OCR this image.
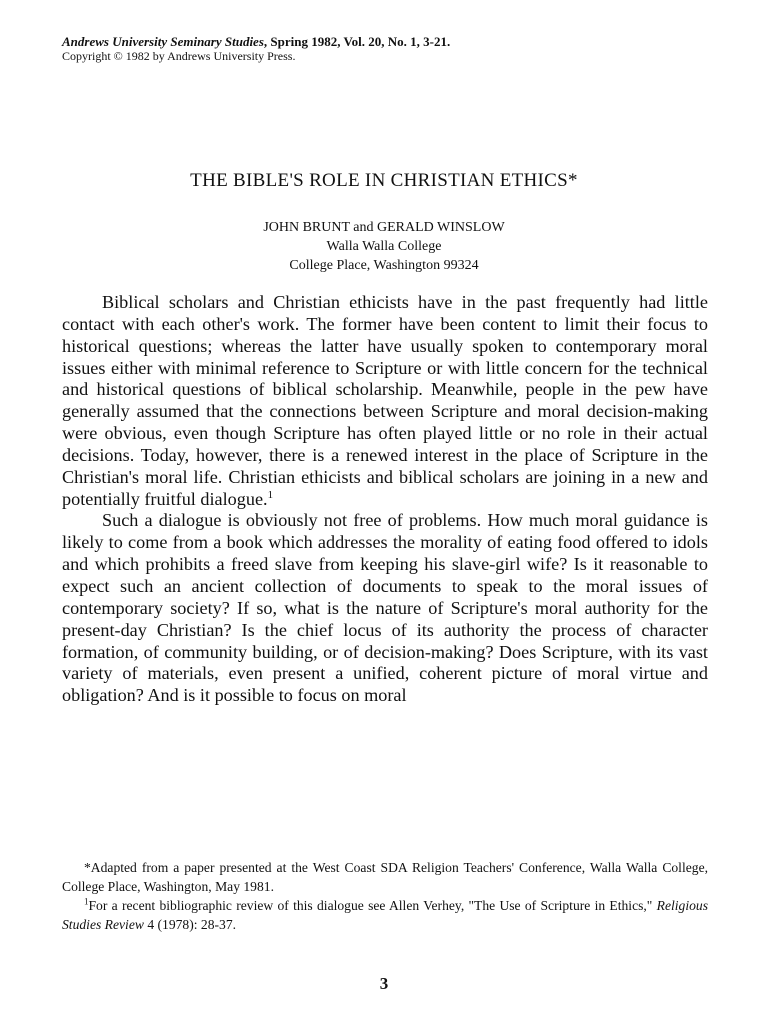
Andrews University Seminary Studies, Spring 1982, Vol. 20, No. 1, 3-21.
Copyright © 1982 by Andrews University Press.
THE BIBLE'S ROLE IN CHRISTIAN ETHICS*
JOHN BRUNT and GERALD WINSLOW
Walla Walla College
College Place, Washington 99324

Biblical scholars and Christian ethicists have in the past frequently had little contact with each other's work. The former have been content to limit their focus to historical questions; whereas the latter have usually spoken to contemporary moral issues either with minimal reference to Scripture or with little concern for the technical and historical questions of biblical scholarship. Meanwhile, people in the pew have generally assumed that the connections between Scripture and moral decision-making were obvious, even though Scripture has often played little or no role in their actual decisions. Today, however, there is a renewed interest in the place of Scripture in the Christian's moral life. Christian ethicists and biblical scholars are joining in a new and potentially fruitful dialogue.$^1$

Such a dialogue is obviously not free of problems. How much moral guidance is likely to come from a book which addresses the morality of eating food offered to idols and which prohibits a freed slave from keeping his slave-girl wife? Is it reasonable to expect such an ancient collection of documents to speak to the moral issues of contemporary society? If so, what is the nature of Scripture's moral authority for the present-day Christian? Is the chief locus of its authority the process of character formation, of community building, or of decision-making? Does Scripture, with its vast variety of materials, even present a unified, coherent picture of moral virtue and obligation? And is it possible to focus on moral

*Adapted from a paper presented at the West Coast SDA Religion Teachers' Conference, Walla Walla College, College Place, Washington, May 1981.

$^1$For a recent bibliographic review of this dialogue see Allen Verhey, "The Use of Scripture in Ethics," Religious Studies Review 4 (1978): 28-37.

3
